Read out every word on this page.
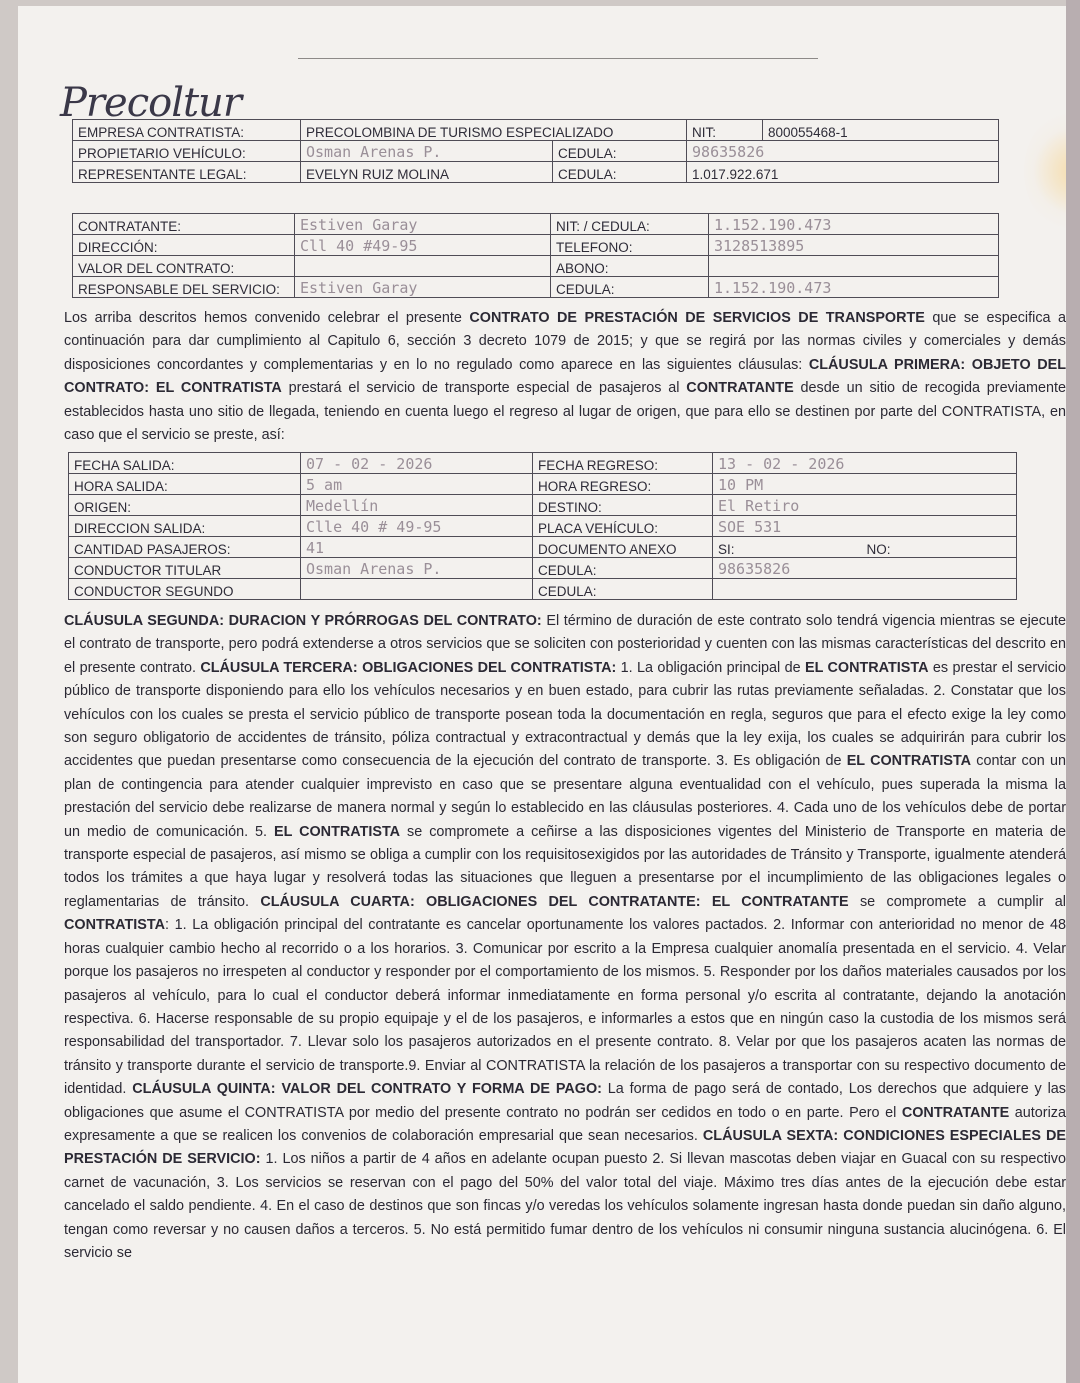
Precoltur
EMPRESA CONTRATISTA:	PRECOLOMBINA DE TURISMO ESPECIALIZADO		NIT:	800055468-1
PROPIETARIO VEHÍCULO:	Osman Arenas P.	CEDULA:	98635826	
REPRESENTANTE LEGAL:	EVELYN RUIZ MOLINA	CEDULA:	1.017.922.671	
CONTRATANTE:	Estiven Garay	NIT: / CEDULA:	1.152.190.473
DIRECCIÓN:	Cll 40 #49-95	TELEFONO:	3128513895
VALOR DEL CONTRATO:		ABONO:	
RESPONSABLE DEL SERVICIO:	Estiven Garay	CEDULA:	1.152.190.473
Los arriba descritos hemos convenido celebrar el presente CONTRATO DE PRESTACIÓN DE SERVICIOS DE TRANSPORTE que se especifica a continuación para dar cumplimiento al Capitulo 6, sección 3 decreto 1079 de 2015; y que se regirá por las normas civiles y comerciales y demás disposiciones concordantes y complementarias y en lo no regulado como aparece en las siguientes cláusulas: CLÁUSULA PRIMERA: OBJETO DEL CONTRATO: EL CONTRATISTA prestará el servicio de transporte especial de pasajeros al CONTRATANTE desde un sitio de recogida previamente establecidos hasta uno sitio de llegada, teniendo en cuenta luego el regreso al lugar de origen, que para ello se destinen por parte del CONTRATISTA, en caso que el servicio se preste, así:
FECHA SALIDA:	07 - 02 - 2026	FECHA REGRESO:	13 - 02 - 2026
HORA SALIDA:	5 am	HORA REGRESO:	10 PM
ORIGEN:	Medellín	DESTINO:	El Retiro
DIRECCION SALIDA:	Clle 40 # 49-95	PLACA VEHÍCULO:	SOE 531
CANTIDAD PASAJEROS:	41	DOCUMENTO ANEXO	SI: NO:
CONDUCTOR TITULAR	Osman Arenas P.	CEDULA:	98635826
CONDUCTOR SEGUNDO		CEDULA:	
CLÁUSULA SEGUNDA: DURACION Y PRÓRROGAS DEL CONTRATO: El término de duración de este contrato solo tendrá vigencia mientras se ejecute el contrato de transporte, pero podrá extenderse a otros servicios que se soliciten con posterioridad y cuenten con las mismas características del descrito en el presente contrato. CLÁUSULA TERCERA: OBLIGACIONES DEL CONTRATISTA: 1. La obligación principal de EL CONTRATISTA es prestar el servicio público de transporte disponiendo para ello los vehículos necesarios y en buen estado, para cubrir las rutas previamente señaladas. 2. Constatar que los vehículos con los cuales se presta el servicio público de transporte posean toda la documentación en regla, seguros que para el efecto exige la ley como son seguro obligatorio de accidentes de tránsito, póliza contractual y extracontractual y demás que la ley exija, los cuales se adquirirán para cubrir los accidentes que puedan presentarse como consecuencia de la ejecución del contrato de transporte. 3. Es obligación de EL CONTRATISTA contar con un plan de contingencia para atender cualquier imprevisto en caso que se presentare alguna eventualidad con el vehículo, pues superada la misma la prestación del servicio debe realizarse de manera normal y según lo establecido en las cláusulas posteriores. 4. Cada uno de los vehículos debe de portar un medio de comunicación. 5. EL CONTRATISTA se compromete a ceñirse a las disposiciones vigentes del Ministerio de Transporte en materia de transporte especial de pasajeros, así mismo se obliga a cumplir con los requisitosexigidos por las autoridades de Tránsito y Transporte, igualmente atenderá todos los trámites a que haya lugar y resolverá todas las situaciones que lleguen a presentarse por el incumplimiento de las obligaciones legales o reglamentarias de tránsito. CLÁUSULA CUARTA: OBLIGACIONES DEL CONTRATANTE: EL CONTRATANTE se compromete a cumplir al CONTRATISTA: 1. La obligación principal del contratante es cancelar oportunamente los valores pactados. 2. Informar con anterioridad no menor de 48 horas cualquier cambio hecho al recorrido o a los horarios. 3. Comunicar por escrito a la Empresa cualquier anomalía presentada en el servicio. 4. Velar porque los pasajeros no irrespeten al conductor y responder por el comportamiento de los mismos. 5. Responder por los daños materiales causados por los pasajeros al vehículo, para lo cual el conductor deberá informar inmediatamente en forma personal y/o escrita al contratante, dejando la anotación respectiva. 6. Hacerse responsable de su propio equipaje y el de los pasajeros, e informarles a estos que en ningún caso la custodia de los mismos será responsabilidad del transportador. 7. Llevar solo los pasajeros autorizados en el presente contrato. 8. Velar por que los pasajeros acaten las normas de tránsito y transporte durante el servicio de transporte.9. Enviar al CONTRATISTA la relación de los pasajeros a transportar con su respectivo documento de identidad. CLÁUSULA QUINTA: VALOR DEL CONTRATO Y FORMA DE PAGO: La forma de pago será de contado, Los derechos que adquiere y las obligaciones que asume el CONTRATISTA por medio del presente contrato no podrán ser cedidos en todo o en parte. Pero el CONTRATANTE autoriza expresamente a que se realicen los convenios de colaboración empresarial que sean necesarios. CLÁUSULA SEXTA: CONDICIONES ESPECIALES DE PRESTACIÓN DE SERVICIO: 1. Los niños a partir de 4 años en adelante ocupan puesto 2. Si llevan mascotas deben viajar en Guacal con su respectivo carnet de vacunación, 3. Los servicios se reservan con el pago del 50% del valor total del viaje. Máximo tres días antes de la ejecución debe estar cancelado el saldo pendiente. 4. En el caso de destinos que son fincas y/o veredas los vehículos solamente ingresan hasta donde puedan sin daño alguno, tengan como reversar y no causen daños a terceros. 5. No está permitido fumar dentro de los vehículos ni consumir ninguna sustancia alucinógena. 6. El servicio se
